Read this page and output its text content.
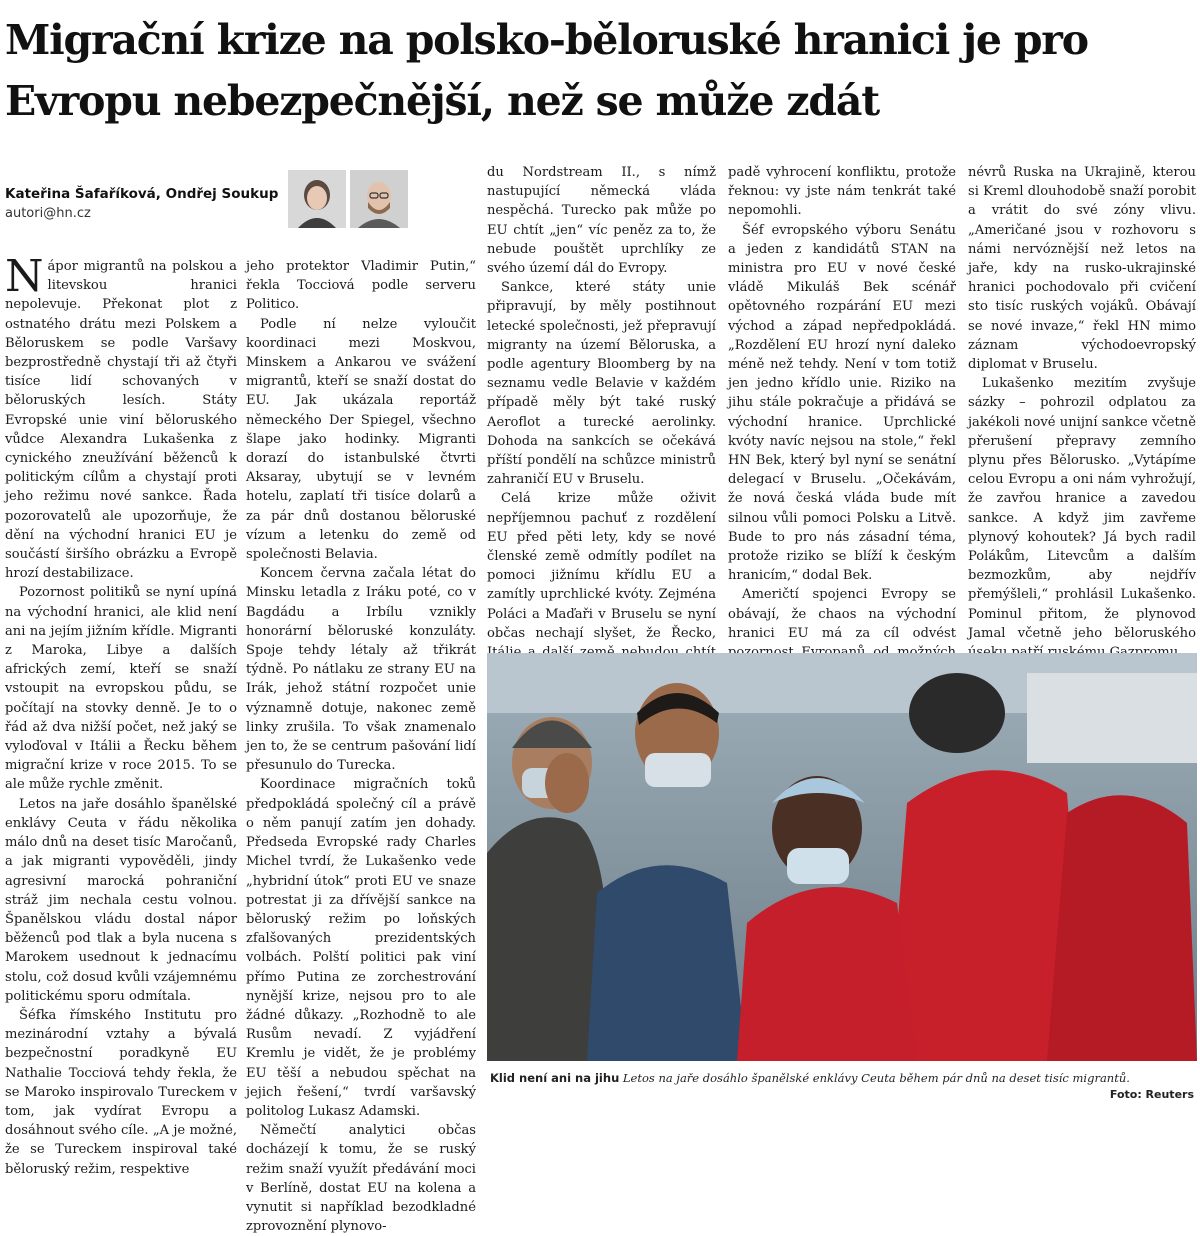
Migrační krize na polsko-běloruské hranici je pro Evropu nebezpečnější, než se může zdát
Kateřina Šafaříková, Ondřej Soukup
autori@hn.cz

Nápor migrantů na polskou a litevskou hranici nepolevuje. Překonat plot z ostnatého drátu mezi Polskem a Běloruskem se podle Varšavy bezprostředně chystají tři až čtyři tisíce lidí schovaných v běloruských lesích. Státy Evropské unie viní běloruského vůdce Alexandra Lukašenka z cynického zneužívání běženců k politickým cílům a chystají proti jeho režimu nové sankce. Řada pozorovatelů ale upozorňuje, že dění na východní hranici EU je součástí širšího obrázku a Evropě hrozí destabilizace.

Pozornost politiků se nyní upíná na východní hranici, ale klid není ani na jejím jižním křídle. Migranti z Maroka, Libye a dalších afrických zemí, kteří se snaží vstoupit na evropskou půdu, se počítají na stovky denně. Je to o řád až dva nižší počet, než jaký se vyloďoval v Itálii a Řecku během migrační krize v roce 2015. To se ale může rychle změnit.

Letos na jaře dosáhlo španělské enklávy Ceuta v řádu několika málo dnů na deset tisíc Maročanů, a jak migranti vypověděli, jindy agresivní marocká pohraniční stráž jim nechala cestu volnou. Španělskou vládu dostal nápor běženců pod tlak a byla nucena s Marokem usednout k jednacímu stolu, což dosud kvůli vzájemnému politickému sporu odmítala.

Šéfka římského Institutu pro mezinárodní vztahy a bývalá bezpečnostní poradkyně EU Nathalie Toccіová tehdy řekla, že se Maroko inspirovalo Tureckem v tom, jak vydírat Evropu a dosáhnout svého cíle. „A je možné, že se Tureckem inspiroval také běloruský režim, respektive

jeho protektor Vladimir Putin,“ řekla Toccіová podle serveru Politico.

Podle ní nelze vyloučit koordinaci mezi Moskvou, Minskem a Ankarou ve svážení migrantů, kteří se snaží dostat do EU. Jak ukázala reportáž německého Der Spiegel, všechno šlape jako hodinky. Migranti dorazí do istanbulské čtvrti Aksaray, ubytují se v levném hotelu, zaplatí tři tisíce dolarů a za pár dnů dostanou běloruské vízum a letenku do země od společnosti Belavia.

Koncem června začala létat do Minsku letadla z Iráku poté, co v Bagdádu a Irbílu vznikly honorární běloruské konzuláty. Spoje tehdy létaly až třikrát týdně. Po nátlaku ze strany EU na Irák, jehož státní rozpočet unie významně dotuje, nakonec země linky zrušila. To však znamenalo jen to, že se centrum pašování lidí přesunulo do Turecka.

Koordinace migračních toků předpokládá společný cíl a právě o něm panují zatím jen dohady. Předseda Evropské rady Charles Michel tvrdí, že Lukašenko vede „hybridní útok“ proti EU ve snaze potrestat ji za dřívější sankce na běloruský režim po loňských zfalšovaných prezidentských volbách. Polští politici pak viní přímo Putina ze zorchestrování nynější krize, nejsou pro to ale žádné důkazy. „Rozhodně to ale Rusům nevadí. Z vyjádření Kremlu je vidět, že je problémy EU těší a nebudou spěchat na jejich řešení,“ tvrdí varšavský politolog Lukasz Adamski.

Němečtí analytici občas docházejí k tomu, že se ruský režim snaží využít předávání moci v Berlíně, dostat EU na kolena a vynutit si například bezodkladné zprovoznění plynovo-

du Nordstream II., s nímž nastupující německá vláda nespěchá. Turecko pak může po EU chtít „jen“ víc peněz za to, že nebude pouštět uprchlíky ze svého území dál do Evropy.

Sankce, které státy unie připravují, by měly postihnout letecké společnosti, jež přepravují migranty na území Běloruska, a podle agentury Bloomberg by na seznamu vedle Belavie v každém případě měly být také ruský Aeroflot a turecké aerolinky. Dohoda na sankcích se očekává příští pondělí na schůzce ministrů zahraničí EU v Bruselu.

Celá krize může oživit nepříjemnou pachuť z rozdělení EU před pěti lety, kdy se nové členské země odmítly podílet na pomoci jižnímu křídlu EU a zamítly uprchlické kvóty. Zejména Poláci a Maďaři v Bruselu se nyní občas nechají slyšet, že Řecko,

padě vyhrocení konfliktu, protože řeknou: vy jste nám tenkrát také nepomohli.

Šéf evropského výboru Senátu a jeden z kandidátů STAN na ministra pro EU v nové české vládě Mikuláš Bek scénář opětovného rozpárání EU mezi východ a západ nepředpokládá. „Rozdělení EU hrozí nyní daleko méně než tehdy. Není v tom totiž jen jedno křídlo unie. Riziko na jihu stále pokračuje a přidává se východní hranice. Uprchlické kvóty navíc nejsou na stole,“ řekl HN Bek, který byl nyní se senátní delegací v Bruselu. „Očekávám, že nová česká vláda bude mít silnou vůli pomoci Polsku a Litvě. Bude to pro nás zásadní téma, protože riziko se blíží k českým hranicím,“ dodal Bek.

Američtí spojenci Evropy se obávají, že chaos na východní hranici EU má za cíl odvést

névrů Ruska na Ukrajině, kterou si Kreml dlouhodobě snaží porobit a vrátit do své zóny vlivu. „Američané jsou v rozhovoru s námi nervóznější než letos na jaře, kdy na rusko-ukrajinské hranici pochodovalo při cvičení sto tisíc ruských vojáků. Obávají se nové invaze,“ řekl HN mimo záznam východoevropský diplomat v Bruselu.

Lukašenko mezitím zvyšuje sázky – pohrozil odplatou za jakékoli nové unijní sankce včetně přerušení přepravy zemního plynu přes Bělorusko. „Vytápíme celou Evropu a oni nám vyhrožují, že zavřou hranice a zavedou sankce. A když jim zavřeme plynový kohoutek? Já bych radil Polákům, Litevcům a dalším bezmozkům, aby nejdřív přemýšleli,“ prohlásil Lukašenko. Pominul přitom, že plynovod Jamal včetně jeho běloruského

Klid není ani na jihu Letos na jaře dosáhlo španělské enklávy Ceuta během pár dnů na deset tisíc migrantů.
Foto: Reuters
